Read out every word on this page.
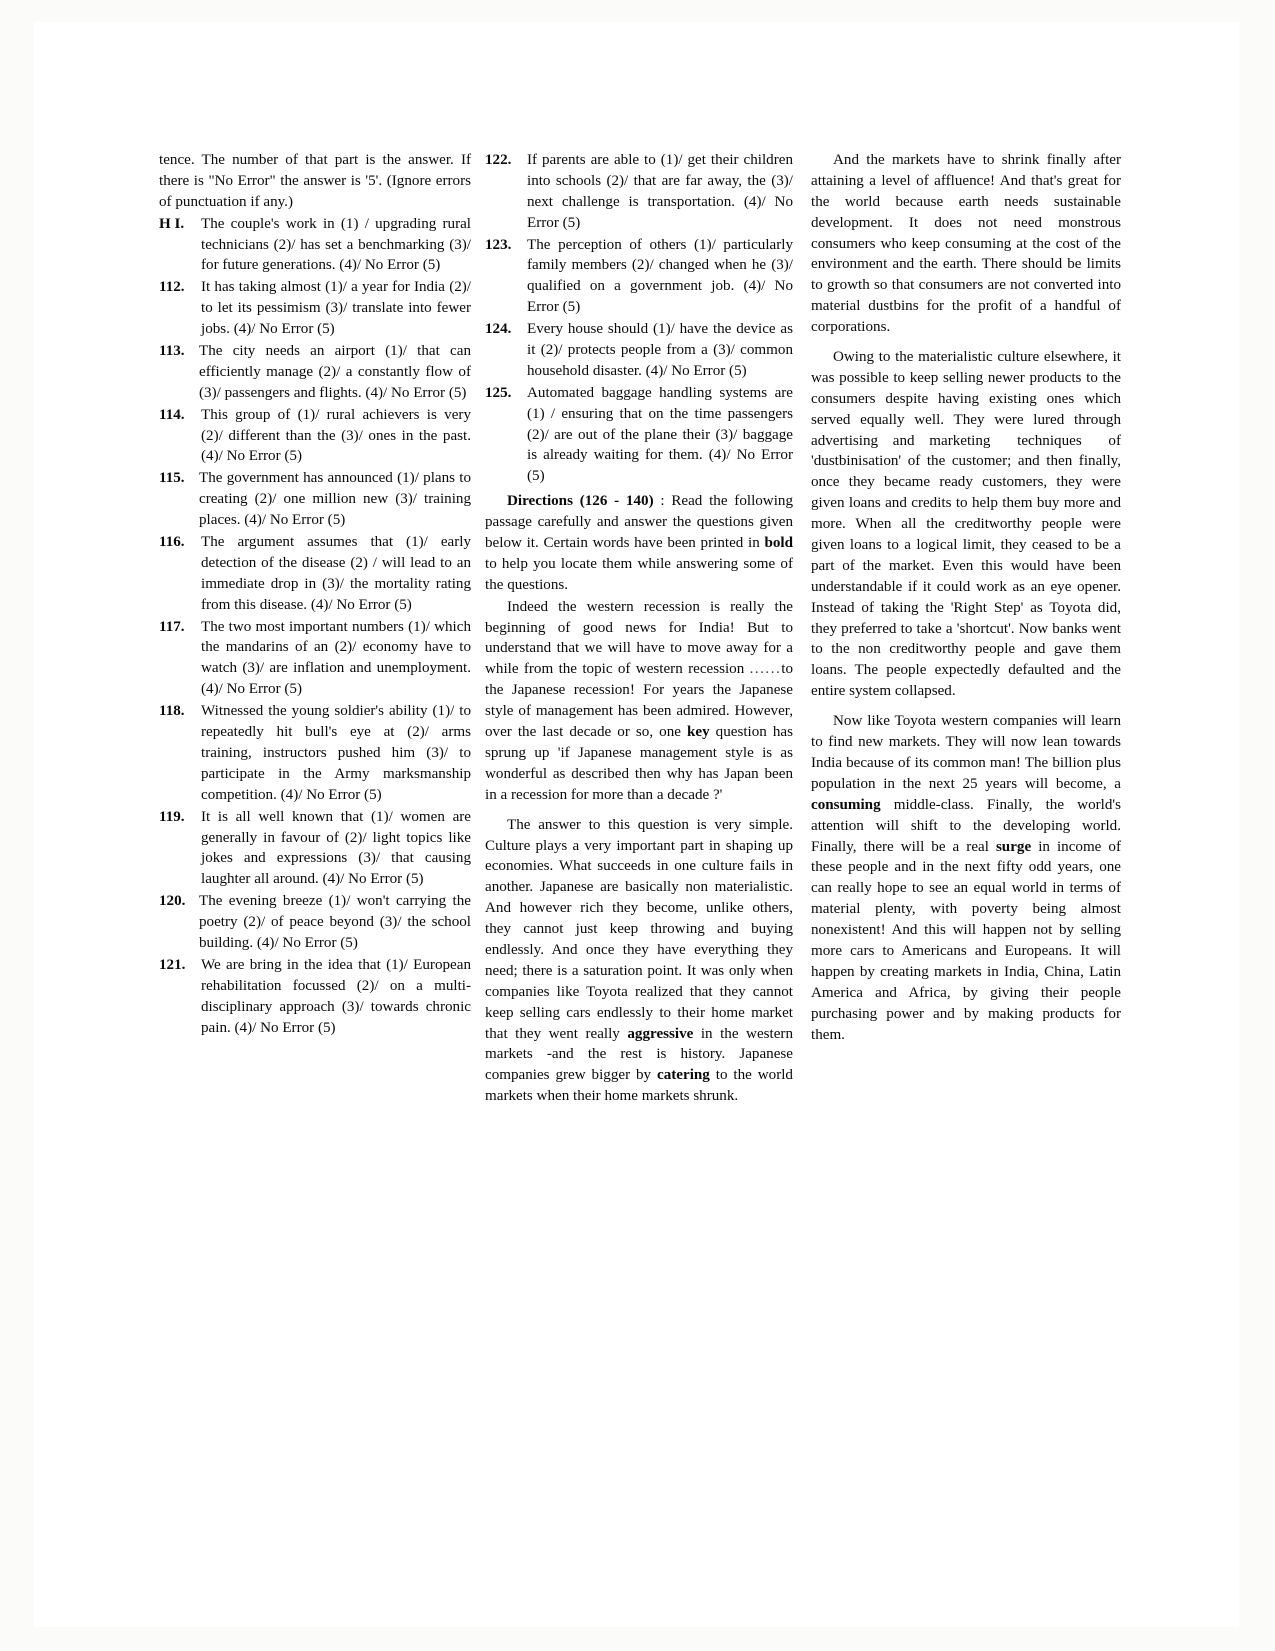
tence. The number of that part is the answer. If there is "No Error" the answer is '5'. (Ignore errors of punctuation if any.)

H I.	The couple's work in (1) / upgrading rural technicians (2)/ has set a benchmarking (3)/ for future generations. (4)/ No Error (5)
112.	It has taking almost (1)/ a year for India (2)/ to let its pessimism (3)/ translate into fewer jobs. (4)/ No Error (5)
113. The city needs an airport (1)/ that can efficiently manage (2)/ a constantly flow of (3)/ passengers and flights. (4)/ No Error (5)
114.	This group of (1)/ rural achievers is very (2)/ different than the (3)/ ones in the past. (4)/ No Error (5)
115. The government has announced (1)/ plans to creating (2)/ one million new (3)/ training places. (4)/ No Error (5)
116.	The argument assumes that (1)/ early detection of the disease (2) / will lead to an immediate drop in (3)/ the mortality rating from this disease. (4)/ No Error (5)
117.	The two most important numbers (1)/ which the mandarins of an (2)/ economy have to watch (3)/ are inflation and unemployment. (4)/ No Error (5)
118.	Witnessed the young soldier's ability (1)/ to repeatedly hit bull's eye at (2)/ arms training, instructors pushed him (3)/ to participate in the Army marksmanship competition. (4)/ No Error (5)
119.	It is all well known that (1)/ women are generally in favour of (2)/ light topics like jokes and expressions (3)/ that causing laughter all around. (4)/ No Error (5)
120. The evening breeze (1)/ won't carrying the poetry (2)/ of peace beyond (3)/ the school building. (4)/ No Error (5)
121.	We are bring in the idea that (1)/ European rehabilitation focussed (2)/ on a multi-disciplinary approach (3)/ towards chronic pain. (4)/ No Error (5)
122.	If parents are able to (1)/ get their children into schools (2)/ that are far away, the (3)/ next challenge is transportation. (4)/ No Error (5)
123.	The perception of others (1)/ particularly family members (2)/ changed when he (3)/ qualified on a government job. (4)/ No Error (5)
124.	Every house should (1)/ have the device as it (2)/ protects people from a (3)/ common household disaster. (4)/ No Error (5)
125.	Automated baggage handling systems are (1) / ensuring that on the time passengers (2)/ are out of the plane their (3)/ baggage is already waiting for them. (4)/ No Error (5)

Directions (126 - 140) : Read the following passage carefully and answer the questions given below it. Certain words have been printed in bold to help you locate them while answering some of the questions.

Indeed the western recession is really the beginning of good news for India! But to understand that we will have to move away for a while from the topic of western recession ......to the Japanese recession! For years the Japanese style of management has been admired. However, over the last decade or so, one key question has sprung up 'if Japanese management style is as wonderful as described then why has Japan been in a recession for more than a decade ?'

The answer to this question is very simple. Culture plays a very important part in shaping up economies. What succeeds in one culture fails in another. Japanese are basically non materialistic. And however rich they become, unlike others, they cannot just keep throwing and buying endlessly. And once they have everything they need; there is a saturation point. It was only when companies like Toyota realized that they cannot keep selling cars endlessly to their home market that they went really aggressive in the western markets -and the rest is history. Japanese companies grew bigger by catering to the world markets when their home markets shrunk.

And the markets have to shrink finally after attaining a level of affluence! And that's great for the world because earth needs sustainable development. It does not need monstrous consumers who keep consuming at the cost of the environment and the earth. There should be limits to growth so that consumers are not converted into material dustbins for the profit of a handful of corporations.

Owing to the materialistic culture elsewhere, it was possible to keep selling newer products to the consumers despite having existing ones which served equally well. They were lured through advertising and marketing techniques of 'dustbinisation' of the customer; and then finally, once they became ready customers, they were given loans and credits to help them buy more and more. When all the creditworthy people were given loans to a logical limit, they ceased to be a part of the market. Even this would have been understandable if it could work as an eye opener. Instead of taking the 'Right Step' as Toyota did, they preferred to take a 'shortcut'. Now banks went to the non creditworthy people and gave them loans. The people expectedly defaulted and the entire system collapsed.

Now like Toyota western companies will learn to find new markets. They will now lean towards India because of its common man! The billion plus population in the next 25 years will become, a consuming middle-class. Finally, the world's attention will shift to the developing world. Finally, there will be a real surge in income of these people and in the next fifty odd years, one can really hope to see an equal world in terms of material plenty, with poverty being almost nonexistent! And this will happen not by selling more cars to Americans and Europeans. It will happen by creating markets in India, China, Latin America and Africa, by giving their people purchasing power and by making products for them.
